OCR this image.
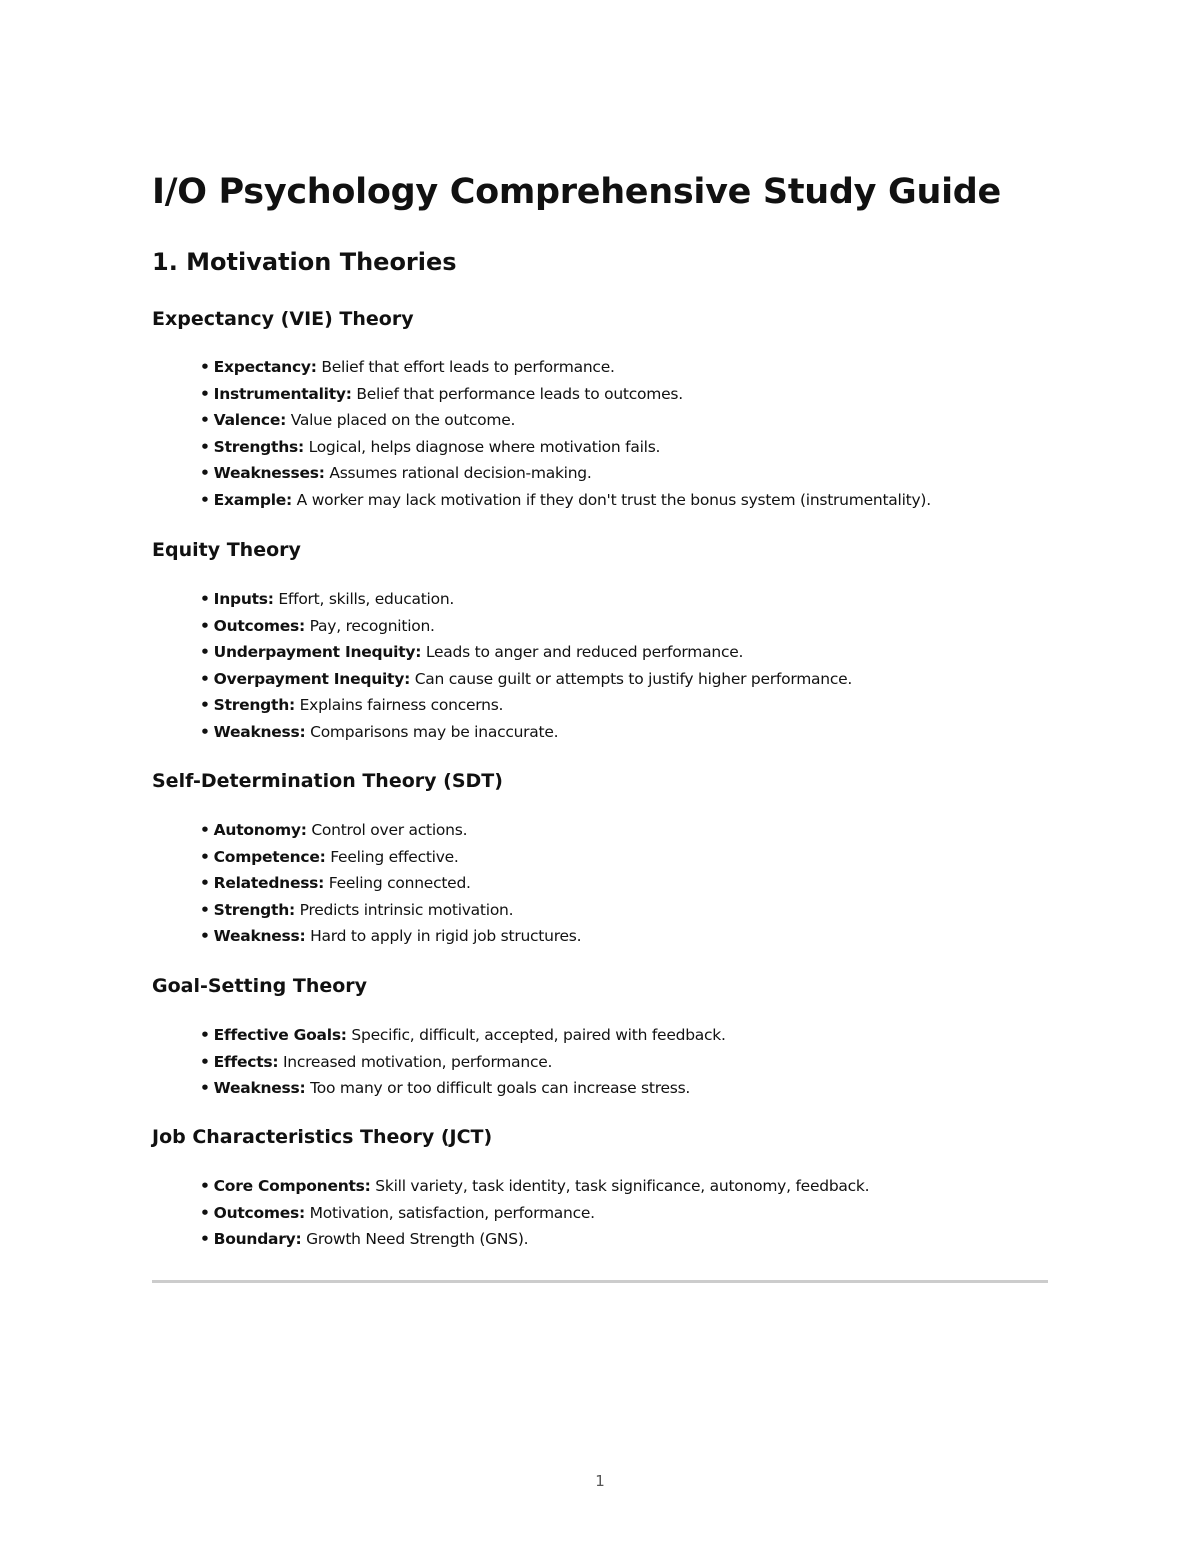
I/O Psychology Comprehensive Study Guide
1. Motivation Theories
Expectancy (VIE) Theory
• Expectancy: Belief that effort leads to performance.
• Instrumentality: Belief that performance leads to outcomes.
• Valence: Value placed on the outcome.
• Strengths: Logical, helps diagnose where motivation fails.
• Weaknesses: Assumes rational decision-making.
• Example: A worker may lack motivation if they don't trust the bonus system (instrumentality).
Equity Theory
• Inputs: Effort, skills, education.
• Outcomes: Pay, recognition.
• Underpayment Inequity: Leads to anger and reduced performance.
• Overpayment Inequity: Can cause guilt or attempts to justify higher performance.
• Strength: Explains fairness concerns.
• Weakness: Comparisons may be inaccurate.
Self-Determination Theory (SDT)
• Autonomy: Control over actions.
• Competence: Feeling effective.
• Relatedness: Feeling connected.
• Strength: Predicts intrinsic motivation.
• Weakness: Hard to apply in rigid job structures.
Goal-Setting Theory
• Effective Goals: Specific, difficult, accepted, paired with feedback.
• Effects: Increased motivation, performance.
• Weakness: Too many or too difficult goals can increase stress.
Job Characteristics Theory (JCT)
• Core Components: Skill variety, task identity, task significance, autonomy, feedback.
• Outcomes: Motivation, satisfaction, performance.
• Boundary: Growth Need Strength (GNS).
1
